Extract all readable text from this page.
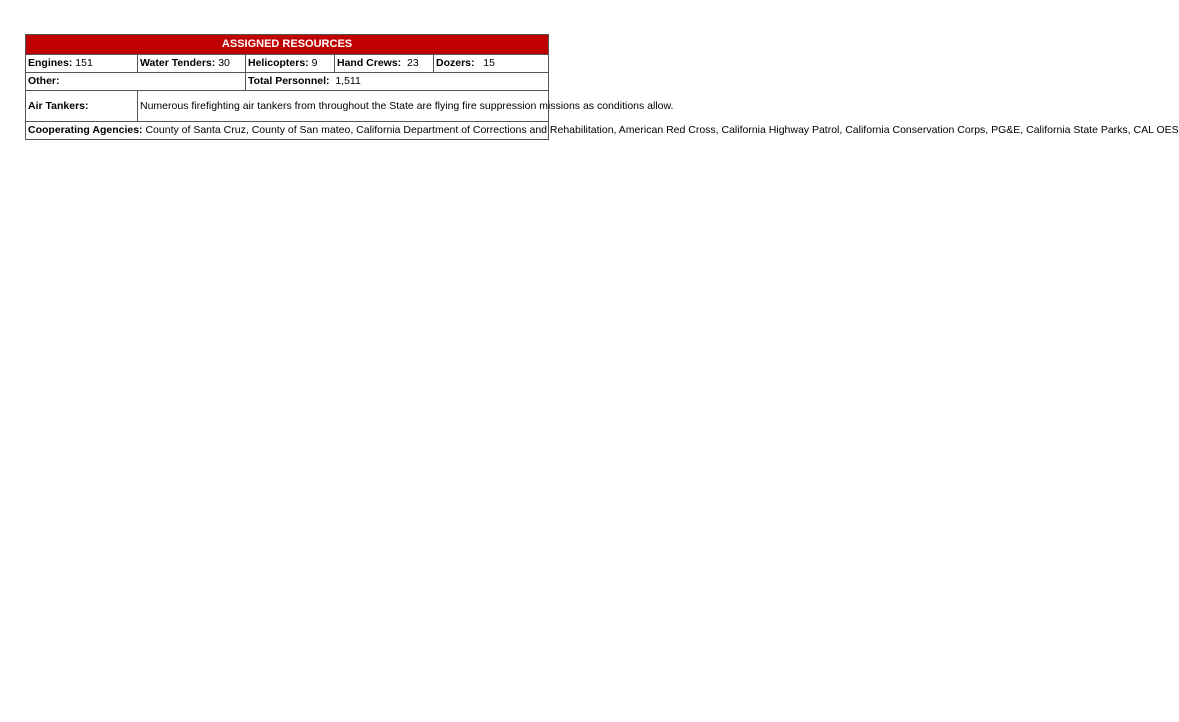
ASSIGNED RESOURCES				
Engines: 151	Water Tenders: 30	Helicopters: 9	Hand Crews: 23	Dozers: 15
Other:		Total Personnel: 1,511		
Air Tankers:	Numerous firefighting air tankers from throughout the State are flying fire suppression missions as conditions allow.			
Cooperating Agencies: County of Santa Cruz, County of San mateo, California Department of Corrections and Rehabilitation, American Red Cross, California Highway Patrol, California Conservation Corps, PG&E, California State Parks, CAL OES				
